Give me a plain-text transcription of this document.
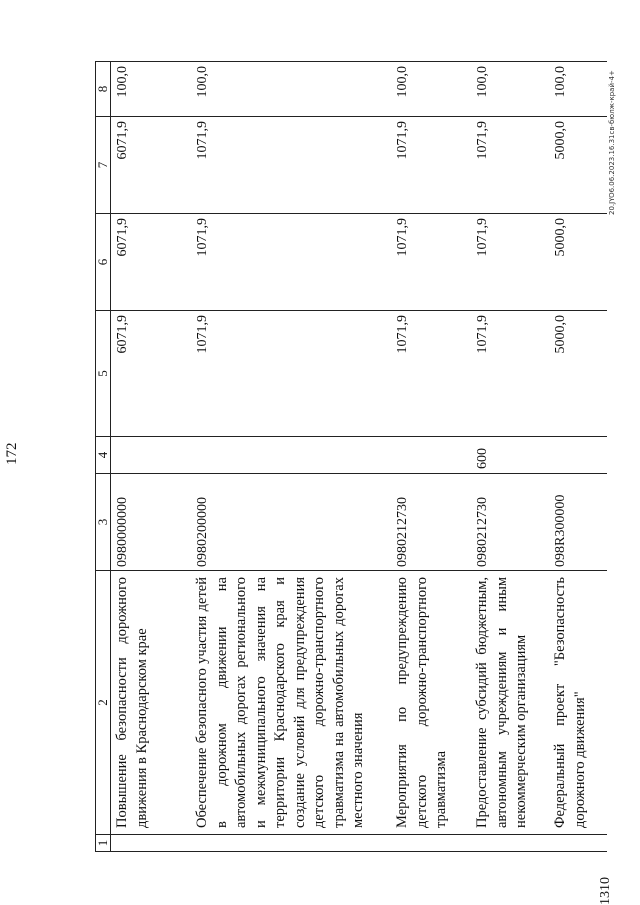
172
1	2	3	4	5	6	7	8
	Повышение безопасности дорожного движения в Краснодарском крае	0980000000		6071,9	6071,9	6071,9	100,0
	Обеспечение безопасного участия детей в дорожном движении на автомобильных дорогах регионального и межмуниципального значения на территории Краснодарского края и создание условий для предупреждения детского дорожно-транспортного травматизма на автомобильных дорогах местного значения	0980200000		1071,9	1071,9	1071,9	100,0
	Мероприятия по предупреждению детского дорожно-транспортного травматизма	0980212730		1071,9	1071,9	1071,9	100,0
	Предоставление субсидий бюджетным, автономным учреждениям и иным некоммерческим организациям	0980212730	600	1071,9	1071,9	1071,9	100,0
	Федеральный проект "Безопасность дорожного движения"	098R300000		5000,0	5000,0	5000,0	100,0
1310
20.JYO6.06.2023.16.31св-бюлж-край-4+
